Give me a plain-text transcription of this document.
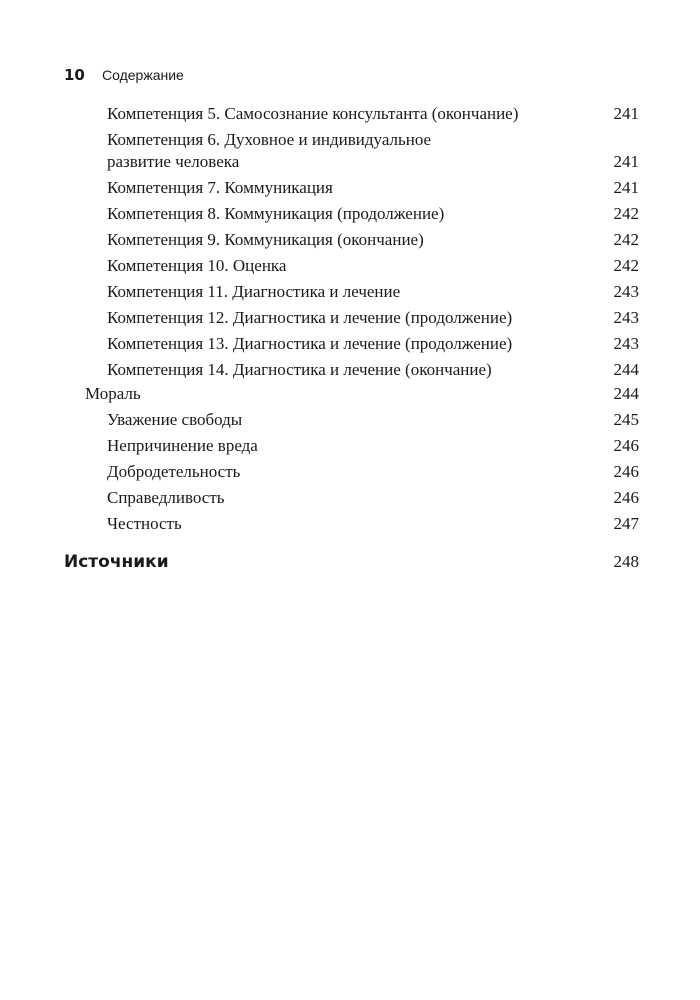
10	Содержание
Компетенция 5. Самосознание консультанта (окончание)	241
Компетенция 6. Духовное и индивидуальное
развитие человека	241
Компетенция 7. Коммуникация	241
Компетенция 8. Коммуникация (продолжение)	242
Компетенция 9. Коммуникация (окончание)	242
Компетенция 10. Оценка	242
Компетенция 11. Диагностика и лечение	243
Компетенция 12. Диагностика и лечение (продолжение)	243
Компетенция 13. Диагностика и лечение (продолжение)	243
Компетенция 14. Диагностика и лечение (окончание)	244
Мораль	244
Уважение свободы	245
Непричинение вреда	246
Добродетельность	246
Справедливость	246
Честность	247
Источники	248
